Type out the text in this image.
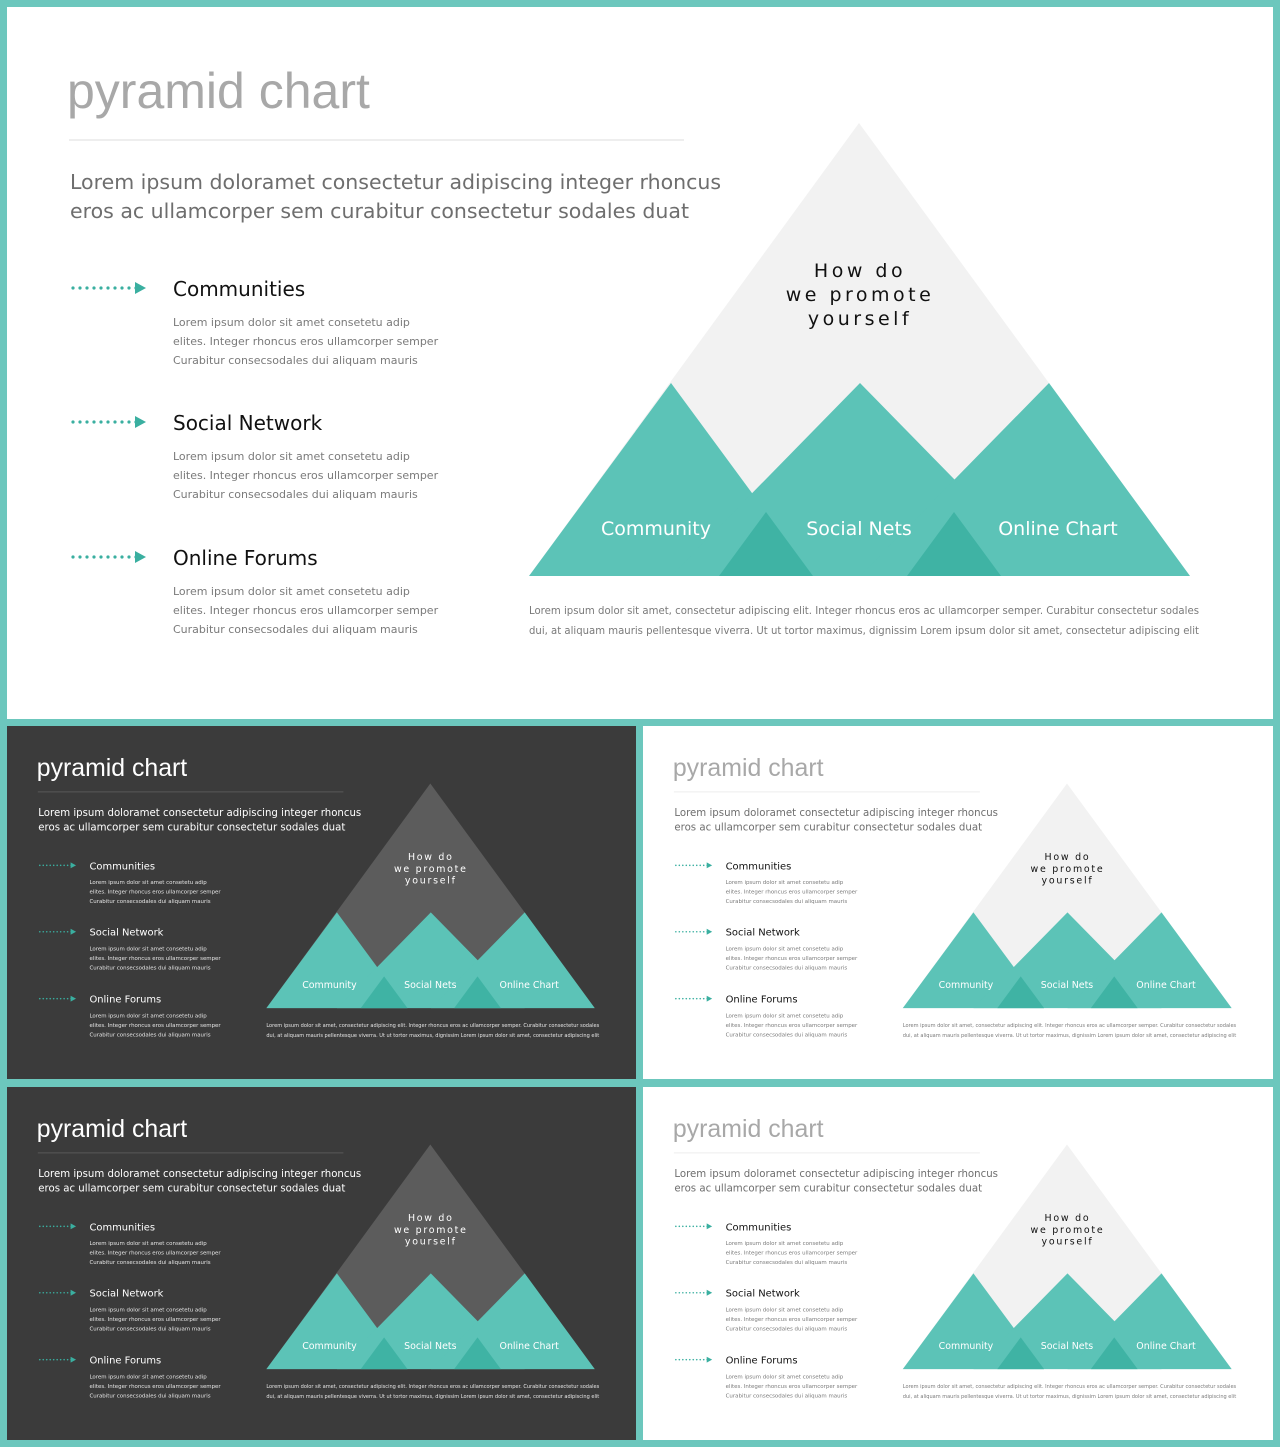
pyramid chart
Lorem ipsum doloramet consectetur adipiscing integer rhoncus
eros ac ullamcorper sem curabitur consectetur sodales duat
Communities
Lorem ipsum dolor sit amet consetetu adip
elites. Integer rhoncus eros ullamcorper semper
Curabitur consecsodales dui aliquam mauris
Social Network
Lorem ipsum dolor sit amet consetetu adip
elites. Integer rhoncus eros ullamcorper semper
Curabitur consecsodales dui aliquam mauris
Online Forums
Lorem ipsum dolor sit amet consetetu adip
elites. Integer rhoncus eros ullamcorper semper
Curabitur consecsodales dui aliquam mauris
How do
we promote
yourself
Community	Social Nets	Online Chart
Lorem ipsum dolor sit amet, consectetur adipiscing elit. Integer rhoncus eros ac ullamcorper semper. Curabitur consectetur sodales
dui, at aliquam mauris pellentesque viverra. Ut ut tortor maximus, dignissim Lorem ipsum dolor sit amet, consectetur adipiscing elit
pyramid chart
Lorem ipsum doloramet consectetur adipiscing integer rhoncus
eros ac ullamcorper sem curabitur consectetur sodales duat
Communities
Lorem ipsum dolor sit amet consetetu adip
elites. Integer rhoncus eros ullamcorper semper
Curabitur consecsodales dui aliquam mauris
Social Network
Lorem ipsum dolor sit amet consetetu adip
elites. Integer rhoncus eros ullamcorper semper
Curabitur consecsodales dui aliquam mauris
Online Forums
Lorem ipsum dolor sit amet consetetu adip
elites. Integer rhoncus eros ullamcorper semper
Curabitur consecsodales dui aliquam mauris
How do
we promote
yourself
Community Social Nets Online Chart
Lorem ipsum dolor sit amet, consectetur adipiscing elit. Integer rhoncus eros ac ullamcorper semper. Curabitur consectetur sodales
dui, at aliquam mauris pellentesque viverra. Ut ut tortor maximus, dignissim Lorem ipsum dolor sit amet, consectetur adipiscing elit
pyramid chart
Lorem ipsum doloramet consectetur adipiscing integer rhoncus
eros ac ullamcorper sem curabitur consectetur sodales duat
Communities
Lorem ipsum dolor sit amet consetetu adip
elites. Integer rhoncus eros ullamcorper semper
Curabitur consecsodales dui aliquam mauris
Social Network
Lorem ipsum dolor sit amet consetetu adip
elites. Integer rhoncus eros ullamcorper semper
Curabitur consecsodales dui aliquam mauris
Online Forums
Lorem ipsum dolor sit amet consetetu adip
elites. Integer rhoncus eros ullamcorper semper
Curabitur consecsodales dui aliquam mauris
How do
we promote
yourself
Community Social Nets Online Chart
Lorem ipsum dolor sit amet, consectetur adipiscing elit. Integer rhoncus eros ac ullamcorper semper. Curabitur consectetur sodales
dui, at aliquam mauris pellentesque viverra. Ut ut tortor maximus, dignissim Lorem ipsum dolor sit amet, consectetur adipiscing elit
pyramid chart
Lorem ipsum doloramet consectetur adipiscing integer rhoncus
eros ac ullamcorper sem curabitur consectetur sodales duat
Communities
Lorem ipsum dolor sit amet consetetu adip
elites. Integer rhoncus eros ullamcorper semper
Curabitur consecsodales dui aliquam mauris
Social Network
Lorem ipsum dolor sit amet consetetu adip
elites. Integer rhoncus eros ullamcorper semper
Curabitur consecsodales dui aliquam mauris
Online Forums
Lorem ipsum dolor sit amet consetetu adip
elites. Integer rhoncus eros ullamcorper semper
Curabitur consecsodales dui aliquam mauris
How do
we promote
yourself
Community Social Nets Online Chart
Lorem ipsum dolor sit amet, consectetur adipiscing elit. Integer rhoncus eros ac ullamcorper semper. Curabitur consectetur sodales
dui, at aliquam mauris pellentesque viverra. Ut ut tortor maximus, dignissim Lorem ipsum dolor sit amet, consectetur adipiscing elit
pyramid chart
Lorem ipsum doloramet consectetur adipiscing integer rhoncus
eros ac ullamcorper sem curabitur consectetur sodales duat
Communities
Lorem ipsum dolor sit amet consetetu adip
elites. Integer rhoncus eros ullamcorper semper
Curabitur consecsodales dui aliquam mauris
Social Network
Lorem ipsum dolor sit amet consetetu adip
elites. Integer rhoncus eros ullamcorper semper
Curabitur consecsodales dui aliquam mauris
Online Forums
Lorem ipsum dolor sit amet consetetu adip
elites. Integer rhoncus eros ullamcorper semper
Curabitur consecsodales dui aliquam mauris
How do
we promote
yourself
Community Social Nets Online Chart
Lorem ipsum dolor sit amet, consectetur adipiscing elit. Integer rhoncus eros ac ullamcorper semper. Curabitur consectetur sodales
dui, at aliquam mauris pellentesque viverra. Ut ut tortor maximus, dignissim Lorem ipsum dolor sit amet, consectetur adipiscing elit
